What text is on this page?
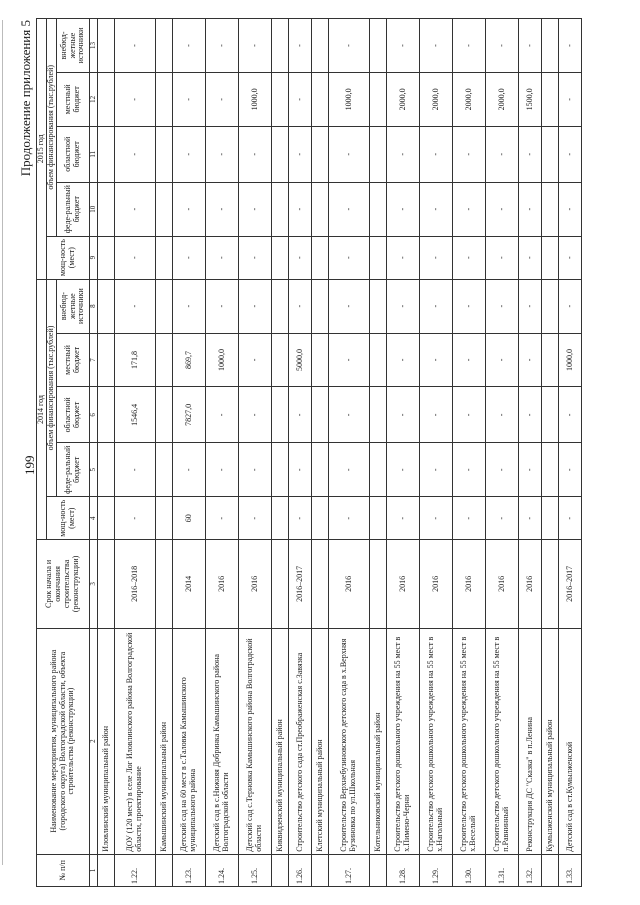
199
Продолжение приложения 5
№ п/п	Наименование мероприятия, муниципального района (городского округа) Волгоградской области, объекта строительства (реконструкции)	Срок начала и окончания строительства (реконструкции)	2014 год					2015 год				
			мощ-ность (мест)	объем финансирования (тыс.рублей)				мощ-ность (мест)	объем финансирования (тыс.рублей)			
				феде-ральный бюджет	областной бюджет	местный бюджет	внебюд-жетные источники		феде-ральный бюджет	областной бюджет	местный бюджет	внебюд-жетные источники
1	2	3	4	5	6	7	8	9	10	11	12	13
	Иловлинский муниципальный район											
1.22.	ДОУ (120 мест) в селе Лог Иловлинского района Волгоградской области, проектирование	2016–2018	-	-	1546,4	171,8	-	-	-	-	-	-
	Камышинский муниципальный район											
1.23.	Детский сад на 60 мест в с.Таловка Камышинского муниципального района	2014	60	-	7827,0	869,7	-	-	-	-	-	-
1.24.	Детский сад в с.Нижняя Добринка Камышинского района Волгоградской области	2016	-	-	-	1000,0	-	-	-	-	-	-
1.25.	Детский сад с.Терновка Камышинского района Волгоградской области	2016	-	-	-	-	-	-	-	-	1000,0	-
	Киквидзенский муниципальный район											
1.26.	Строительство детского сада ст.Преображенская с.Завязка	2016–2017	-	-	-	5000,0	-	-	-	-	-	-
	Клетский муниципальный район											
1.27.	Строительство Верхнебузиновского детского сада в х.Верхняя Бузиновка по ул.Школьная	2016	-	-	-	-	-	-	-	-	1000,0	-
	Котельниковский муниципальный район											
1.28.	Строительство детского дошкольного учреждения на 55 мест в х.Пимено-Черни	2016	-	-	-	-	-	-	-	-	2000,0	-
1.29.	Строительство детского дошкольного учреждения на 55 мест в х.Нагольный	2016	-	-	-	-	-	-	-	-	2000,0	-
1.30.	Строительство детского дошкольного учреждения на 55 мест в х.Веселый	2016	-	-	-	-	-	-	-	-	2000,0	-
1.31.	Строительство детского дошкольного учреждения на 55 мест в п.Равнинный	2016	-	-	-	-	-	-	-	-	2000,0	-
1.32.	Реконструкция ДС "Сказка" в п.Ленина	2016	-	-	-	-	-	-	-	-	1500,0	-
	Кумылженский муниципальный район											
1.33.	Детский сад в ст.Кумылженской	2016–2017	-	-	-	1000,0	-	-	-	-	-	-
